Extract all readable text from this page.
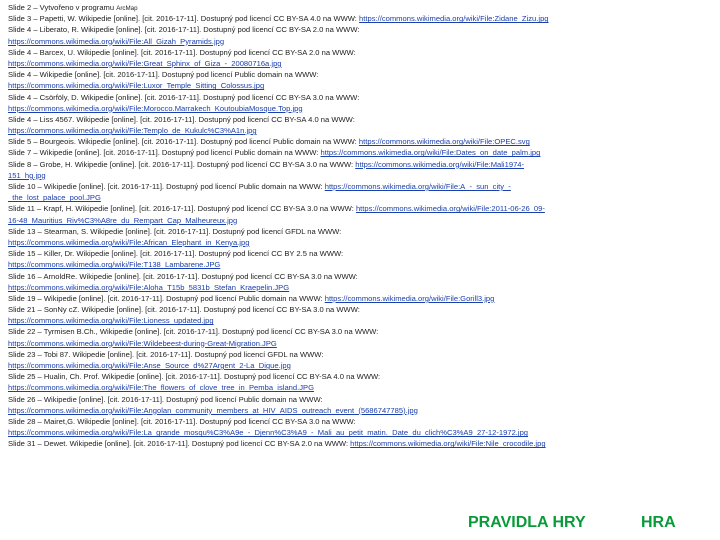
Slide 2 – Vytvořeno v programu ArcMap
Slide 3 – Papetti, W. Wikipedie [online]. [cit. 2016-17-11]. Dostupný pod licencí CC BY-SA 4.0 na WWW: https://commons.wikimedia.org/wiki/File:Zidane_Zizu.jpg
Slide 4 – Liberato, R. Wikipedie [online]. [cit. 2016-17-11]. Dostupný pod licencí CC BY-SA 2.0 na WWW:
https://commons.wikimedia.org/wiki/File:All_Gizah_Pyramids.jpg
Slide 4 – Barcex, U. Wikipedie [online]. [cit. 2016-17-11]. Dostupný pod licencí CC BY-SA 2.0 na WWW:
https://commons.wikimedia.org/wiki/File:Great_Sphinx_of_Giza_-_20080716a.jpg
Slide 4 – Wikipedie [online]. [cit. 2016-17-11]. Dostupný pod licencí Public domain na WWW:
https://commons.wikimedia.org/wiki/File:Luxor_Temple_Sitting_Colossus.jpg
Slide 4 – Csörföly, D. Wikipedie [online]. [cit. 2016-17-11]. Dostupný pod licencí CC BY-SA 3.0 na WWW:
https://commons.wikimedia.org/wiki/File:Morocco.Marrakech_KoutoubiaMosque.Top.jpg
Slide 4 – Liss 4567. Wikipedie [online]. [cit. 2016-17-11]. Dostupný pod licencí CC BY-SA 4.0 na WWW:
https://commons.wikimedia.org/wiki/File:Templo_de_Kukulc%C3%A1n.jpg
Slide 5 – Bourgeois. Wikipedie [online]. [cit. 2016-17-11]. Dostupný pod licencí Public domain na WWW: https://commons.wikimedia.org/wiki/File:OPEC.svg
Slide 7 – Wikipedie [online]. [cit. 2016-17-11]. Dostupný pod licencí Public domain na WWW: https://commons.wikimedia.org/wiki/File:Dates_on_date_palm.jpg
Slide 8 – Grobe, H. Wikipedie [online]. [cit. 2016-17-11]. Dostupný pod licencí CC BY-SA 3.0 na WWW: https://commons.wikimedia.org/wiki/File:Mali1974-
151_hg.jpg
Slide 10 – Wikipedie [online]. [cit. 2016-17-11]. Dostupný pod licencí Public domain na WWW: https://commons.wikimedia.org/wiki/File:A_-_sun_city_-
_the_lost_palace_pool.JPG
Slide 11 – Krapf, H. Wikipedie [online]. [cit. 2016-17-11]. Dostupný pod licencí CC BY-SA 3.0 na WWW: https://commons.wikimedia.org/wiki/File:2011-06-26_09-
16-48_Mauritius_Riv%C3%A8re_du_Rempart_Cap_Malheureux.jpg
Slide 13 – Stearman, S. Wikipedie [online]. [cit. 2016-17-11]. Dostupný pod licencí GFDL na WWW:
https://commons.wikimedia.org/wiki/File:African_Elephant_in_Kenya.jpg
Slide 15 – Killer, Dr. Wikipedie [online]. [cit. 2016-17-11]. Dostupný pod licencí CC BY 2.5 na WWW:
https://commons.wikimedia.org/wiki/File:T138_Lambarene.JPG
Slide 16 – ArnoldRe. Wikipedie [online]. [cit. 2016-17-11]. Dostupný pod licencí CC BY-SA 3.0 na WWW:
https://commons.wikimedia.org/wiki/File:Aloha_T15b_5831b_Stefan_Kraepelin.JPG
Slide 19 – Wikipedie [online]. [cit. 2016-17-11]. Dostupný pod licencí Public domain na WWW: https://commons.wikimedia.org/wiki/File:Gorill3.jpg
Slide 21 – SonNy cZ. Wikipedie [online]. [cit. 2016-17-11]. Dostupný pod licencí CC BY-SA 3.0 na WWW:
https://commons.wikimedia.org/wiki/File:Lioness_updated.jpg
Slide 22 – Tyrmisen B.Ch., Wikipedie [online]. [cit. 2016-17-11]. Dostupný pod licencí CC BY-SA 3.0 na WWW:
https://commons.wikimedia.org/wiki/File:Wildebeest-during-Great-Migration.JPG
Slide 23 – Tobi 87. Wikipedie [online]. [cit. 2016-17-11]. Dostupný pod licencí GFDL na WWW:
https://commons.wikimedia.org/wiki/File:Anse_Source_d%27Argent_2-La_Digue.jpg
Slide 25 – Hualin, Ch. Prof. Wikipedie [online]. [cit. 2016-17-11]. Dostupný pod licencí CC BY-SA 4.0 na WWW:
https://commons.wikimedia.org/wiki/File:The_flowers_of_clove_tree_in_Pemba_island.JPG
Slide 26 – Wikipedie [online]. [cit. 2016-17-11]. Dostupný pod licencí Public domain na WWW:
https://commons.wikimedia.org/wiki/File:Angolan_community_members_at_HIV_AIDS_outreach_event_(5686747785).jpg
Slide 28 – Mairet,G. Wikipedie [online]. [cit. 2016-17-11]. Dostupný pod licencí CC BY-SA 3.0 na WWW:
https://commons.wikimedia.org/wiki/File:La_grande_mosqu%C3%A9e_-_Djenn%C3%A9_-_Mali_au_petit_matin._Date_du_clich%C3%A9_27-12-1972.jpg
Slide 31 – Dewet. Wikipedie [online]. [cit. 2016-17-11]. Dostupný pod licencí CC BY-SA 2.0 na WWW: https://commons.wikimedia.org/wiki/File:Nile_crocodile.jpg
PRAVIDLA HRY	HRA
